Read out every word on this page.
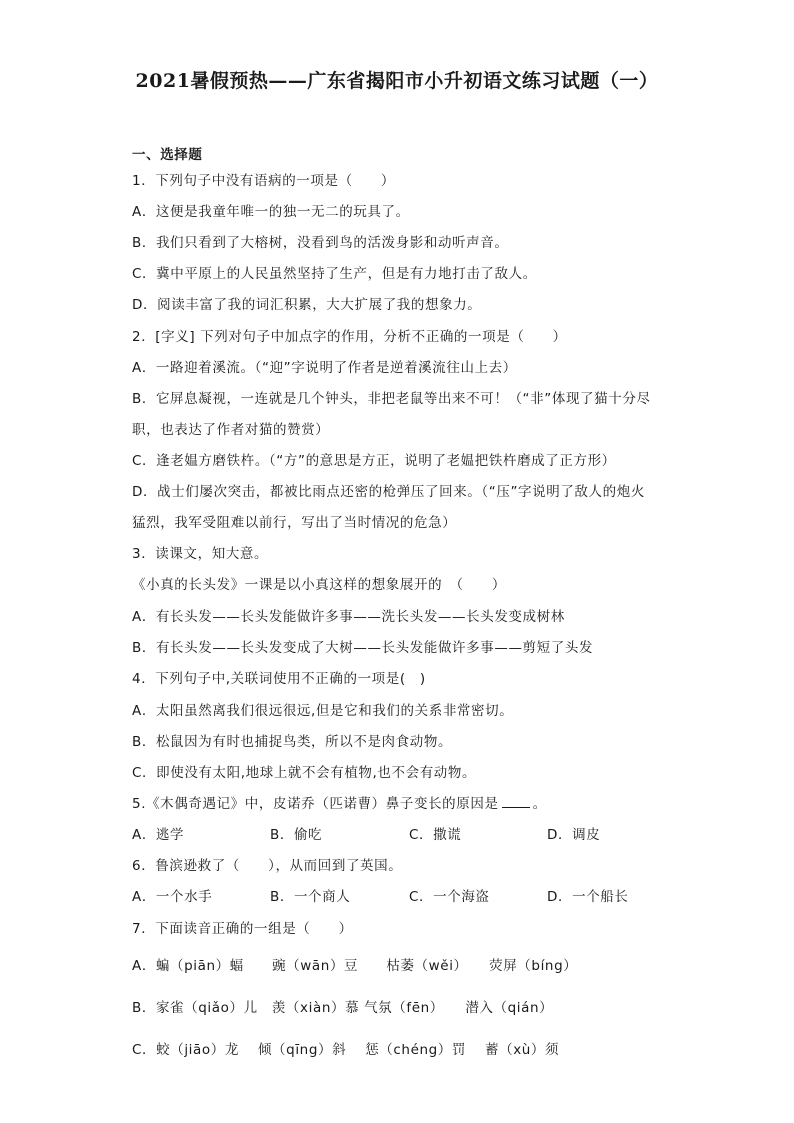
2021暑假预热——广东省揭阳市小升初语文练习试题（一）
一、选择题
1．下列句子中没有语病的一项是（　　）
A．这便是我童年唯一的独一无二的玩具了。
B．我们只看到了大榕树，没看到鸟的活泼身影和动听声音。
C．冀中平原上的人民虽然坚持了生产，但是有力地打击了敌人。
D．阅读丰富了我的词汇积累，大大扩展了我的想象力。
2．[字义] 下列对句子中加点字的作用，分析不正确的一项是（　　）
A．一路迎着溪流。（“迎”字说明了作者是逆着溪流往山上去）
B．它屏息凝视，一连就是几个钟头，非把老鼠等出来不可！（“非”体现了猫十分尽
职，也表达了作者对猫的赞赏）
C．逢老媪方磨铁杵。（“方”的意思是方正，说明了老媪把铁杵磨成了正方形）
D．战士们屡次突击，都被比雨点还密的枪弹压了回来。（“压”字说明了敌人的炮火
猛烈，我军受阻难以前行，写出了当时情况的危急）
3．读课文，知大意。
《小真的长头发》一课是以小真这样的想象展开的　（　　）
A．有长头发——长头发能做许多事——洗长头发——长头发变成树林
B．有长头发——长头发变成了大树——长头发能做许多事——剪短了头发
4．下列句子中,关联词使用不正确的一项是(　)
A．太阳虽然离我们很远很远,但是它和我们的关系非常密切。
B．松鼠因为有时也捕捉鸟类，所以不是肉食动物。
C．即使没有太阳,地球上就不会有植物,也不会有动物。
5.《木偶奇遇记》中，皮诺乔（匹诺曹）鼻子变长的原因是	。
A．逃学	B．偷吃	C．撒谎	D．调皮
6．鲁滨逊救了（　　），从而回到了英国。
A．一个水手	B．一个商人	C．一个海盗	D．一个船长
7．下面读音正确的一组是（　　）
A．蝙（piān）蝠　　豌（wān）豆　　枯萎（wěi）　　荧屏（bíng）
B．家雀（qiǎo）儿　羡（xiàn）慕 气氛（fēn）　　潜入（qián）
C．蛟（jiāo）龙　 倾（qīng）斜　 惩（chéng）罚　 蓄（xù）须
